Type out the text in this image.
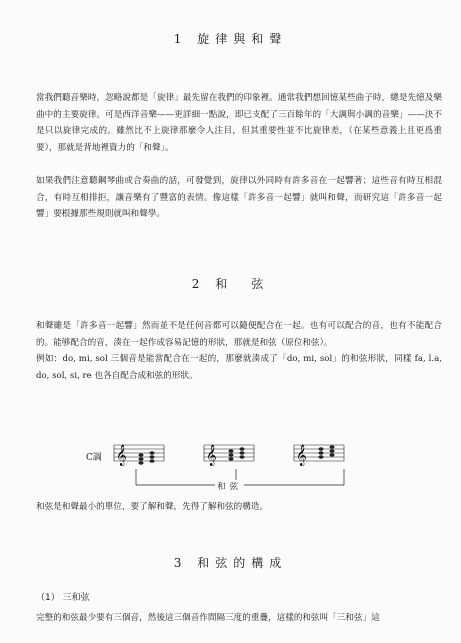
1 旋律與和聲

當我們聽音樂時，忽略說都是「旋律」最先留在我們的印象裡。通常我們想回憶某些曲子時，總是先憶及樂曲中的主要旋律。可是西洋音樂——更詳細一點說，即已支配了三百餘年的「大調與小調的音樂」——決不是只以旋律完成的。雖然比不上旋律那麼令人注目，但其重要性並不比旋律差，（在某些意義上且更爲重要），那就是背地裡資力的「和聲」。

如果我們注意聽鋼琴曲或合奏曲的話，可發覺到，旋律以外同時有許多音在一起響著；這些音有時互相混合，有時互相排拒，讓音樂有了豐富的表情。像這樣「許多音一起響」就叫和聲，而研究這「許多音一起響」要根據那些規則就叫和聲學。

2 和　弦

和聲雖是「許多音一起響」然而並不是任何音都可以隨便配合在一起。也有可以配合的音，也有不能配合的。能够配合的音，湊在一起作成容易記憶的形狀，那就是和弦（原位和弦）。

例如：do, mi, sol 三個音是能當配合在一起的，那麼就湊成了「do, mi, sol」的和弦形狀，同樣 fa, l.a, do, sol, si, re 也各自配合成和弦的形狀。

C調 𝄞	𝄞	𝄞
和弦

和弦是和聲最小的單位，要了解和聲，先得了解和弦的構造。

3 和弦的構成
（1） 三和弦

完整的和弦最少要有三個音，然後這三個音作間隔三度的重疊，這樣的和弦叫「三和弦」這
